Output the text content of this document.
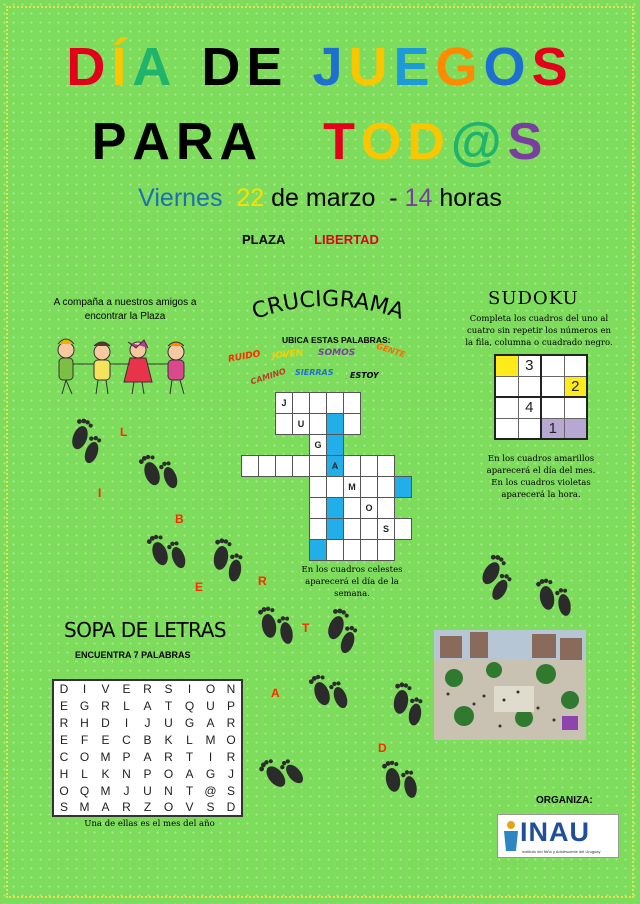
D Í A D E J U E G O S
P A R A T O D @ S
Viernes 22 de marzo - 14 horas
PLAZA LIBERTAD
A compaña a nuestros amigos a encontrar la Plaza	CRUCIGRAMA
UBICA ESTAS PALABRAS:
RUIDO JOVEN SOMOS	GENTE
CAMINO SIERRAS ESTOY
		J							
			U						
				G					
					A				
						M			
							O		
								S	

En los cuadros celestes aparecerá el día de la semana.
SUDOKU
Completa los cuadros del uno al cuatro sin repetir los números en la fila, columna o cuadrado negro.
	3		
			2
	4		
		1	
En los cuadros amarillos aparecerá el día del mes.
En los cuadros violetas aparecerá la hora.
SOPA DE LETRAS
ENCUENTRA 7 PALABRAS
D	I	V	E	R	S	I	O	N
E	G	R	L	A	T	Q	U	P
R	H	D	I	J	U	G	A	R
E	F	E	C	B	K	L	M	O
C	O	M	P	A	R	T	I	R
H	L	K	N	P	O	A	G	J
O	Q	M	J	U	N	T	@	S
S	M	A	R	Z	O	V	S	D
Una de ellas es el mes del año
ORGANIZA:
INAU
Instituto del Niño y Adolescente del Uruguay
L
I
B
E	R
T
A
D
